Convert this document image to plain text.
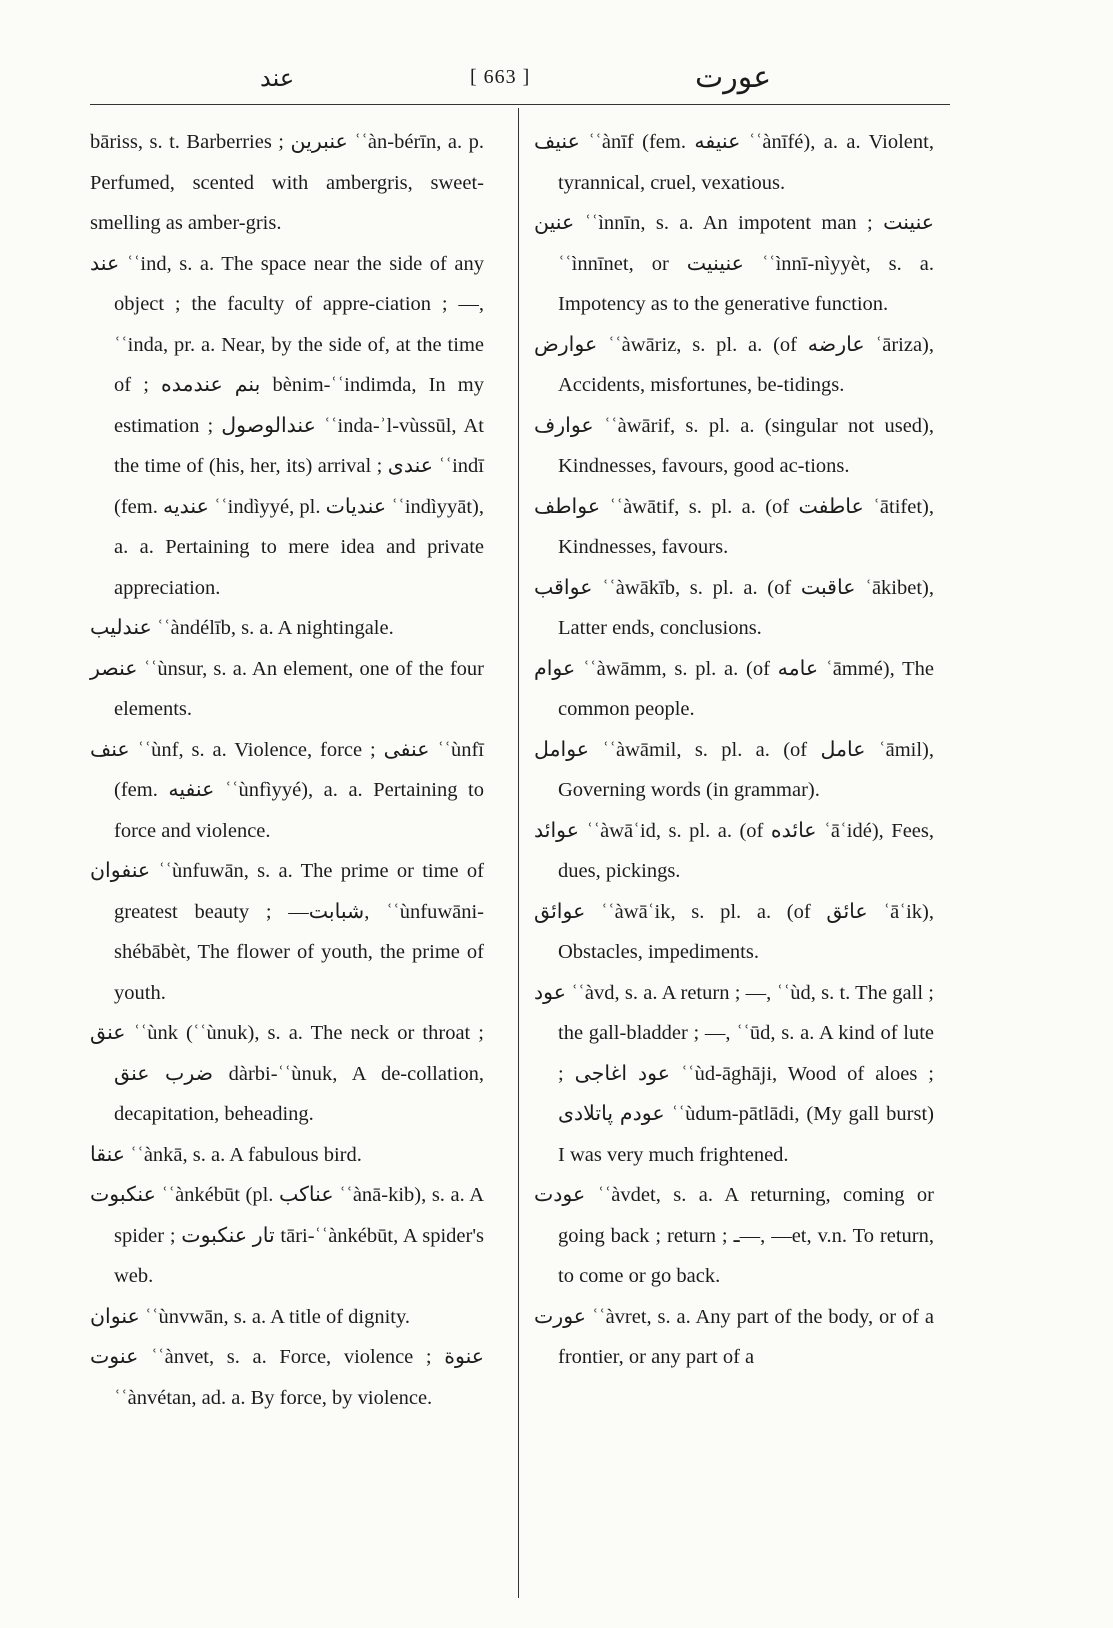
عند	[ 663 ]	عورت

bāriss, s. t. Barberries ; عنبرين ʿʿàn-bérīn, a. p. Perfumed, scented with ambergris, sweet-smelling as amber-gris.

عند ʿʿind, s. a. The space near the side of any object ; the faculty of appre-ciation ; —, ʿʿinda, pr. a. Near, by the side of, at the time of ; بنم عندمده bènim-ʿʿindimda, In my estimation ; عندالوصول ʿʿinda-ʾl-vùssūl, At the time of (his, her, its) arrival ; عندى ʿʿindī (fem. عنديه ʿʿindìyyé, pl. عنديات ʿʿindìyyāt), a. a. Pertaining to mere idea and private appreciation.

عندليب ʿʿàndélīb, s. a. A nightingale.

عنصر ʿʿùnsur, s. a. An element, one of the four elements.

عنف ʿʿùnf, s. a. Violence, force ; عنفى ʿʿùnfī (fem. عنفيه ʿʿùnfìyyé), a. a. Pertaining to force and violence.

عنفوان ʿʿùnfuwān, s. a. The prime or time of greatest beauty ; —شبابت, ʿʿùnfuwāni-shébābèt, The flower of youth, the prime of youth.

عنق ʿʿùnk (ʿʿùnuk), s. a. The neck or throat ; ضرب عنق dàrbi-ʿʿùnuk, A de-collation, decapitation, beheading.

عنقا ʿʿànkā, s. a. A fabulous bird.

عنكبوت ʿʿànkébūt (pl. عناكب ʿʿànā-kib), s. a. A spider ; تار عنكبوت tāri-ʿʿànkébūt, A spider's web.

عنوان ʿʿùnvwān, s. a. A title of dignity.

عنوت ʿʿànvet, s. a. Force, violence ; عنوة ʿʿànvétan, ad. a. By force, by violence.

عنيف ʿʿànīf (fem. عنيفه ʿʿànīfé), a. a. Violent, tyrannical, cruel, vexatious.

عنين ʿʿìnnīn, s. a. An impotent man ; عنينت ʿʿìnnīnet, or عنينيت ʿʿìnnī-nìyyèt, s. a. Impotency as to the generative function.

عوارض ʿʿàwāriz, s. pl. a. (of عارضه ʿāriza), Accidents, misfortunes, be-tidings.

عوارف ʿʿàwārif, s. pl. a. (singular not used), Kindnesses, favours, good ac-tions.

عواطف ʿʿàwātif, s. pl. a. (of عاطفت ʿātifet), Kindnesses, favours.

عواقب ʿʿàwākīb, s. pl. a. (of عاقبت ʿākibet), Latter ends, conclusions.

عوام ʿʿàwāmm, s. pl. a. (of عامه ʿāmmé), The common people.

عوامل ʿʿàwāmil, s. pl. a. (of عامل ʿāmil), Governing words (in grammar).

عوائد ʿʿàwāʿid, s. pl. a. (of عائده ʿāʿidé), Fees, dues, pickings.

عوائق ʿʿàwāʿik, s. pl. a. (of عائق ʿāʿik), Obstacles, impediments.

عود ʿʿàvd, s. a. A return ; —, ʿʿùd, s. t. The gall ; the gall-bladder ; —, ʿʿūd, s. a. A kind of lute ; عود اغاجى ʿʿùd-āghāji, Wood of aloes ; عودم پاتلادى ʿʿùdum-pātlādi, (My gall burst) I was very much frightened.

عودت ʿʿàvdet, s. a. A returning, coming or going back ; return ; ـ—, —et, v.n. To return, to come or go back.

عورت ʿʿàvret, s. a. Any part of the body, or of a frontier, or any part of a
